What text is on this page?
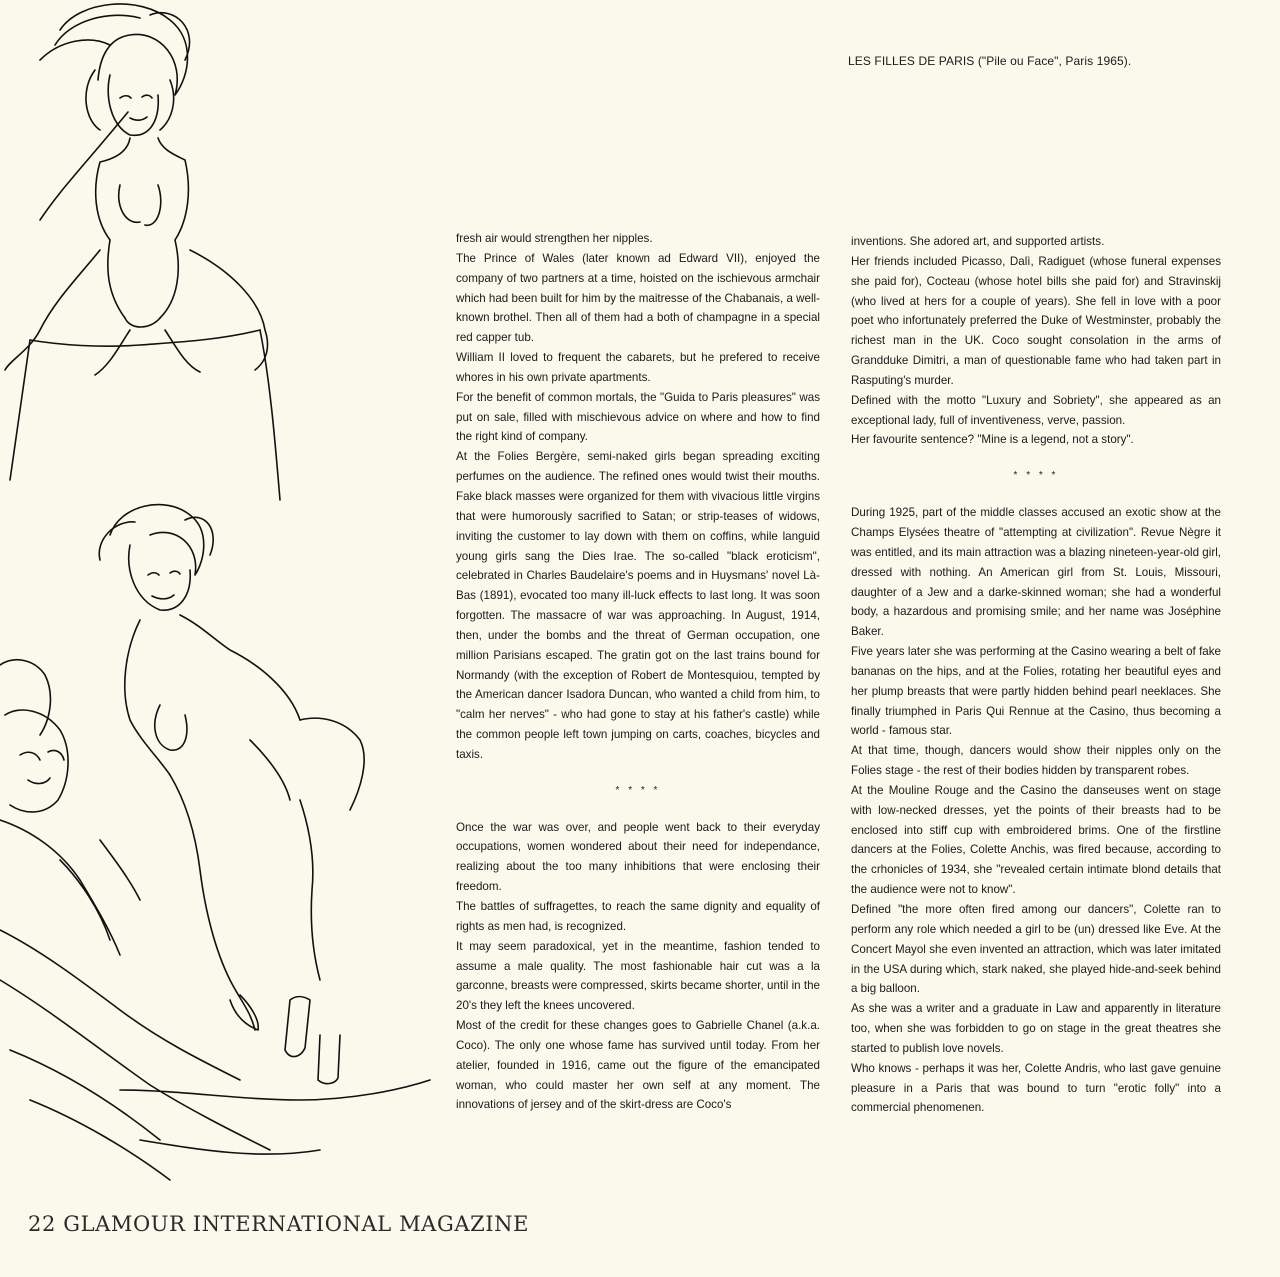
LES FILLES DE PARIS ("Pile ou Face", Paris 1965).

fresh air would strengthen her nipples.

The Prince of Wales (later known ad Edward VII), enjoyed the company of two partners at a time, hoisted on the ischievous armchair which had been built for him by the maitresse of the Chabanais, a well-known brothel. Then all of them had a both of champagne in a special red capper tub.

William II loved to frequent the cabarets, but he prefered to receive whores in his own private apartments.

For the benefit of common mortals, the "Guida to Paris pleasures" was put on sale, filled with mischievous advice on where and how to find the right kind of company.

At the Folies Bergère, semi-naked girls began spreading exciting perfumes on the audience. The refined ones would twist their mouths. Fake black masses were organized for them with vivacious little virgins that were humorously sacrified to Satan; or strip-teases of widows, inviting the customer to lay down with them on coffins, while languid young girls sang the Dies Irae. The so-called "black eroticism", celebrated in Charles Baudelaire's poems and in Huysmans' novel Là-Bas (1891), evocated too many ill-luck effects to last long. It was soon forgotten. The massacre of war was approaching. In August, 1914, then, under the bombs and the threat of German occupation, one million Parisians escaped. The gratin got on the last trains bound for Normandy (with the exception of Robert de Montesquiou, tempted by the American dancer Isadora Duncan, who wanted a child from him, to "calm her nerves" - who had gone to stay at his father's castle) while the common people left town jumping on carts, coaches, bicycles and taxis.

* * * *

Once the war was over, and people went back to their everyday occupations, women wondered about their need for independance, realizing about the too many inhibitions that were enclosing their freedom.

The battles of suffragettes, to reach the same dignity and equality of rights as men had, is recognized.

It may seem paradoxical, yet in the meantime, fashion tended to assume a male quality. The most fashionable hair cut was a la garconne, breasts were compressed, skirts became shorter, until in the 20's they left the knees uncovered.

Most of the credit for these changes goes to Gabrielle Chanel (a.k.a. Coco). The only one whose fame has survived until today. From her atelier, founded in 1916, came out the figure of the emancipated woman, who could master her own self at any moment. The innovations of jersey and of the skirt-dress are Coco's

inventions. She adored art, and supported artists.

Her friends included Picasso, Dalì, Radiguet (whose funeral expenses she paid for), Cocteau (whose hotel bills she paid for) and Stravinskij (who lived at hers for a couple of years). She fell in love with a poor poet who infortunately preferred the Duke of Westminster, probably the richest man in the UK. Coco sought consolation in the arms of Grandduke Dimitri, a man of questionable fame who had taken part in Rasputing's murder.

Defined with the motto "Luxury and Sobriety", she appeared as an exceptional lady, full of inventiveness, verve, passion.

Her favourite sentence? "Mine is a legend, not a story".

* * * *

During 1925, part of the middle classes accused an exotic show at the Champs Elysées theatre of "attempting at civilization". Revue Nègre it was entitled, and its main attraction was a blazing nineteen-year-old girl, dressed with nothing. An American girl from St. Louis, Missouri, daughter of a Jew and a darke-skinned woman; she had a wonderful body, a hazardous and promising smile; and her name was Joséphine Baker.

Five years later she was performing at the Casino wearing a belt of fake bananas on the hips, and at the Folies, rotating her beautiful eyes and her plump breasts that were partly hidden behind pearl neeklaces. She finally triumphed in Paris Qui Rennue at the Casino, thus becoming a world - famous star.

At that time, though, dancers would show their nipples only on the Folies stage - the rest of their bodies hidden by transparent robes.

At the Mouline Rouge and the Casino the danseuses went on stage with low-necked dresses, yet the points of their breasts had to be enclosed into stiff cup with embroidered brims. One of the firstline dancers at the Folies, Colette Anchis, was fired because, according to the crhonicles of 1934, she "revealed certain intimate blond details that the audience were not to know".

Defined "the more often fired among our dancers", Colette ran to perform any role which needed a girl to be (un) dressed like Eve. At the Concert Mayol she even invented an attraction, which was later imitated in the USA during which, stark naked, she played hide-and-seek behind a big balloon.

As she was a writer and a graduate in Law and apparently in literature too, when she was forbidden to go on stage in the great theatres she started to publish love novels.

Who knows - perhaps it was her, Colette Andris, who last gave genuine pleasure in a Paris that was bound to turn "erotic folly" into a commercial phenomenen.

22 GLAMOUR INTERNATIONAL MAGAZINE
